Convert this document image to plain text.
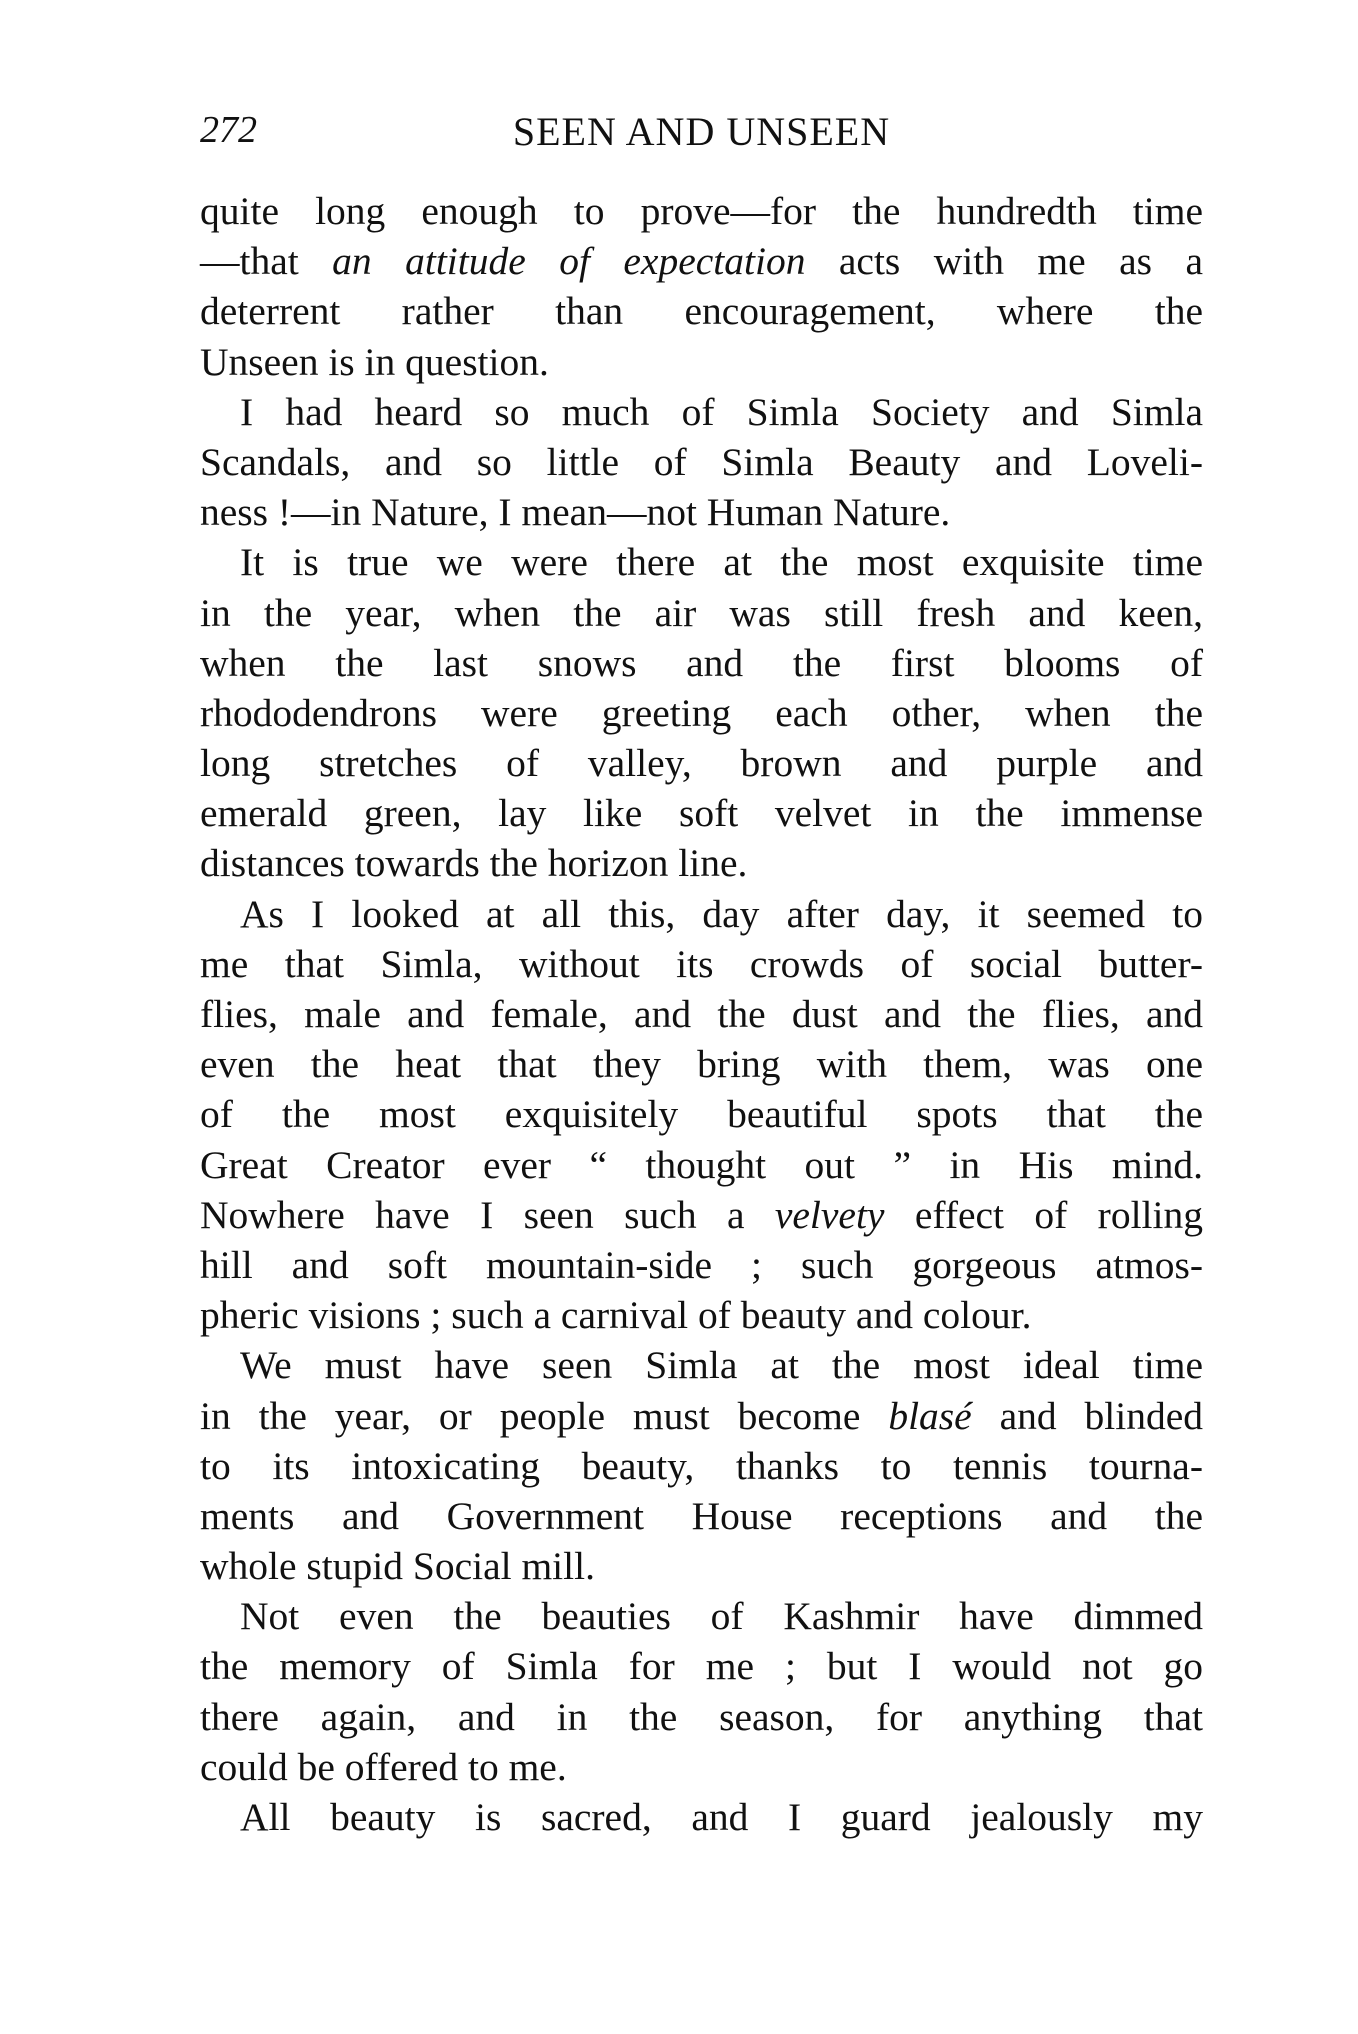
272	SEEN AND UNSEEN
quite long enough to prove—for the hundredth time
—that an attitude of expectation acts with me as a
deterrent rather than encouragement, where the
Unseen is in question.
I had heard so much of Simla Society and Simla
Scandals, and so little of Simla Beauty and Loveli-
ness !—in Nature, I mean—not Human Nature.
It is true we were there at the most exquisite time
in the year, when the air was still fresh and keen,
when the last snows and the first blooms of
rhododendrons were greeting each other, when the
long stretches of valley, brown and purple and
emerald green, lay like soft velvet in the immense
distances towards the horizon line.
As I looked at all this, day after day, it seemed to
me that Simla, without its crowds of social butter-
flies, male and female, and the dust and the flies, and
even the heat that they bring with them, was one
of the most exquisitely beautiful spots that the
Great Creator ever “ thought out ” in His mind.
Nowhere have I seen such a velvety effect of rolling
hill and soft mountain-side ; such gorgeous atmos-
pheric visions ; such a carnival of beauty and colour.
We must have seen Simla at the most ideal time
in the year, or people must become blasé and blinded
to its intoxicating beauty, thanks to tennis tourna-
ments and Government House receptions and the
whole stupid Social mill.
Not even the beauties of Kashmir have dimmed
the memory of Simla for me ; but I would not go
there again, and in the season, for anything that
could be offered to me.
All beauty is sacred, and I guard jealously my
